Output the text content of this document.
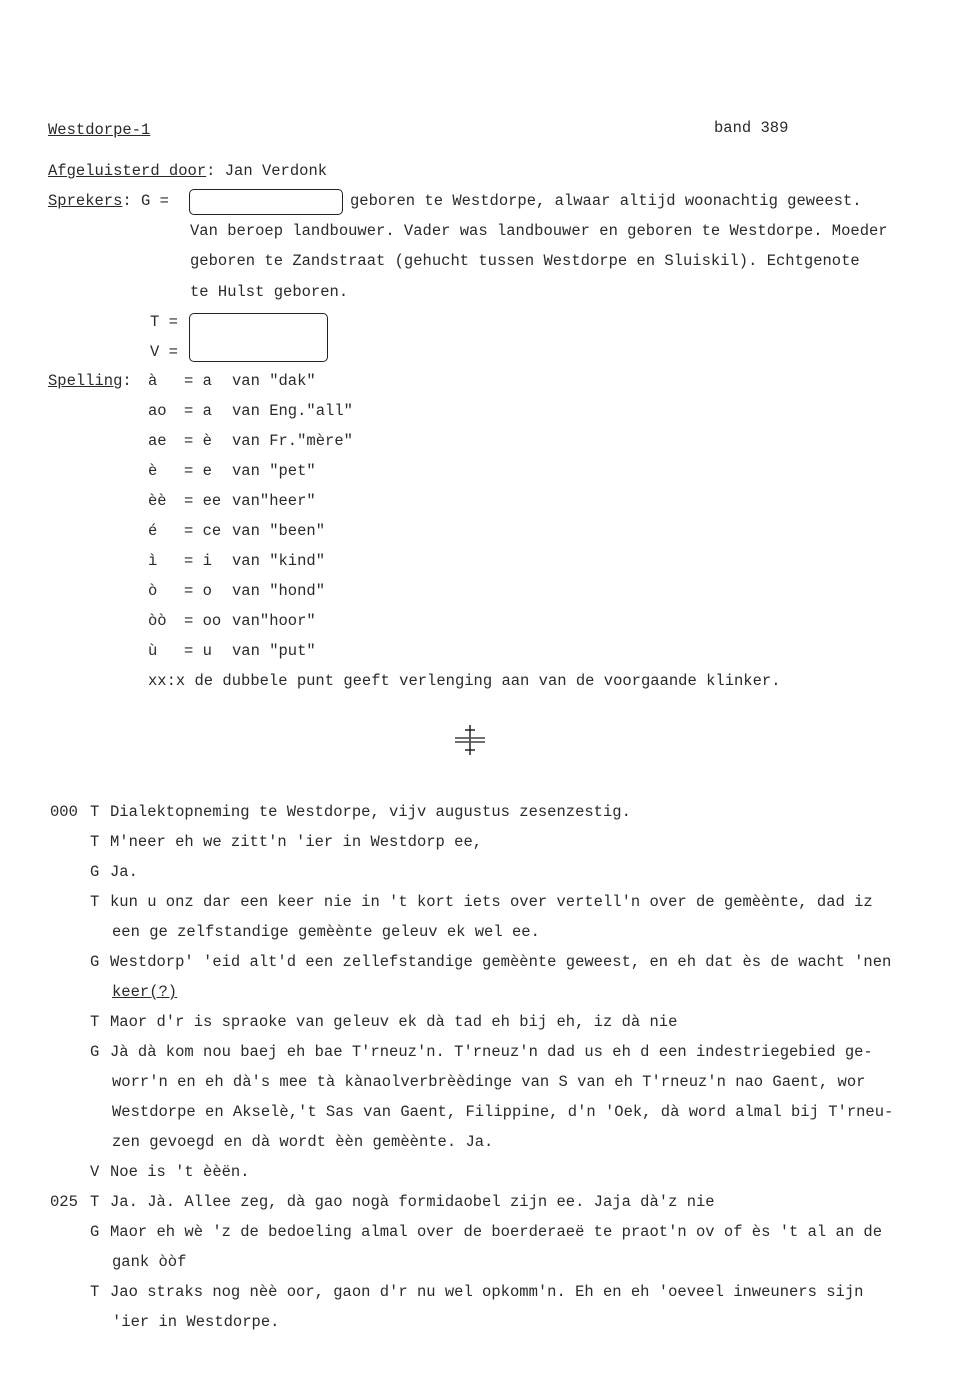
Westdorpe-1	band 389
Afgeluisterd door: Jan Verdonk
Sprekers: G =	geboren te Westdorpe, alwaar altijd woonachtig geweest.
Van beroep landbouwer. Vader was landbouwer en geboren te Westdorpe. Moeder
geboren te Zandstraat (gehucht tussen Westdorpe en Sluiskil). Echtgenote
te Hulst geboren.
T =
V =
Spelling: à = a van "dak"
ao = a van Eng."all"
ae = è van Fr."mère"
è = e van "pet"
èè = ee van"heer"
é = ce van "been"
ì = i van "kind"
ò = o van "hond"
òò = oo van"hoor"
ù = u van "put"
xx:x de dubbele punt geeft verlenging aan van de voorgaande klinker.
000 T Dialektopneming te Westdorpe, vijv augustus zesenzestig.
T M'neer eh we zitt'n 'ier in Westdorp ee,
G Ja.
T kun u onz dar een keer nie in 't kort iets over vertell'n over de gemèènte, dad iz
een ge zelfstandige gemèènte geleuv ek wel ee.
G Westdorp' 'eid alt'd een zellefstandige gemèènte geweest, en eh dat ès de wacht 'nen
keer(?)
T Maor d'r is spraoke van geleuv ek dà tad eh bij eh, iz dà nie
G Jà dà kom nou baej eh bae T'rneuz'n. T'rneuz'n dad us eh d een indestriegebied ge-
worr'n en eh dà's mee tà kànaolverbrèèdinge van S van eh T'rneuz'n nao Gaent, wor
Westdorpe en Akselè,'t Sas van Gaent, Filippine, d'n 'Oek, dà word almal bij T'rneu-
zen gevoegd en dà wordt èèn gemèènte. Ja.
V Noe is 't èèën.
025 T Ja. Jà. Allee zeg, dà gao nogà formidaobel zijn ee. Jaja dà'z nie
G Maor eh wè 'z de bedoeling almal over de boerderaeë te praot'n ov of ès 't al an de
gank òòf
T Jao straks nog nèè oor, gaon d'r nu wel opkomm'n. Eh en eh 'oeveel inweuners sijn
'ier in Westdorpe.
